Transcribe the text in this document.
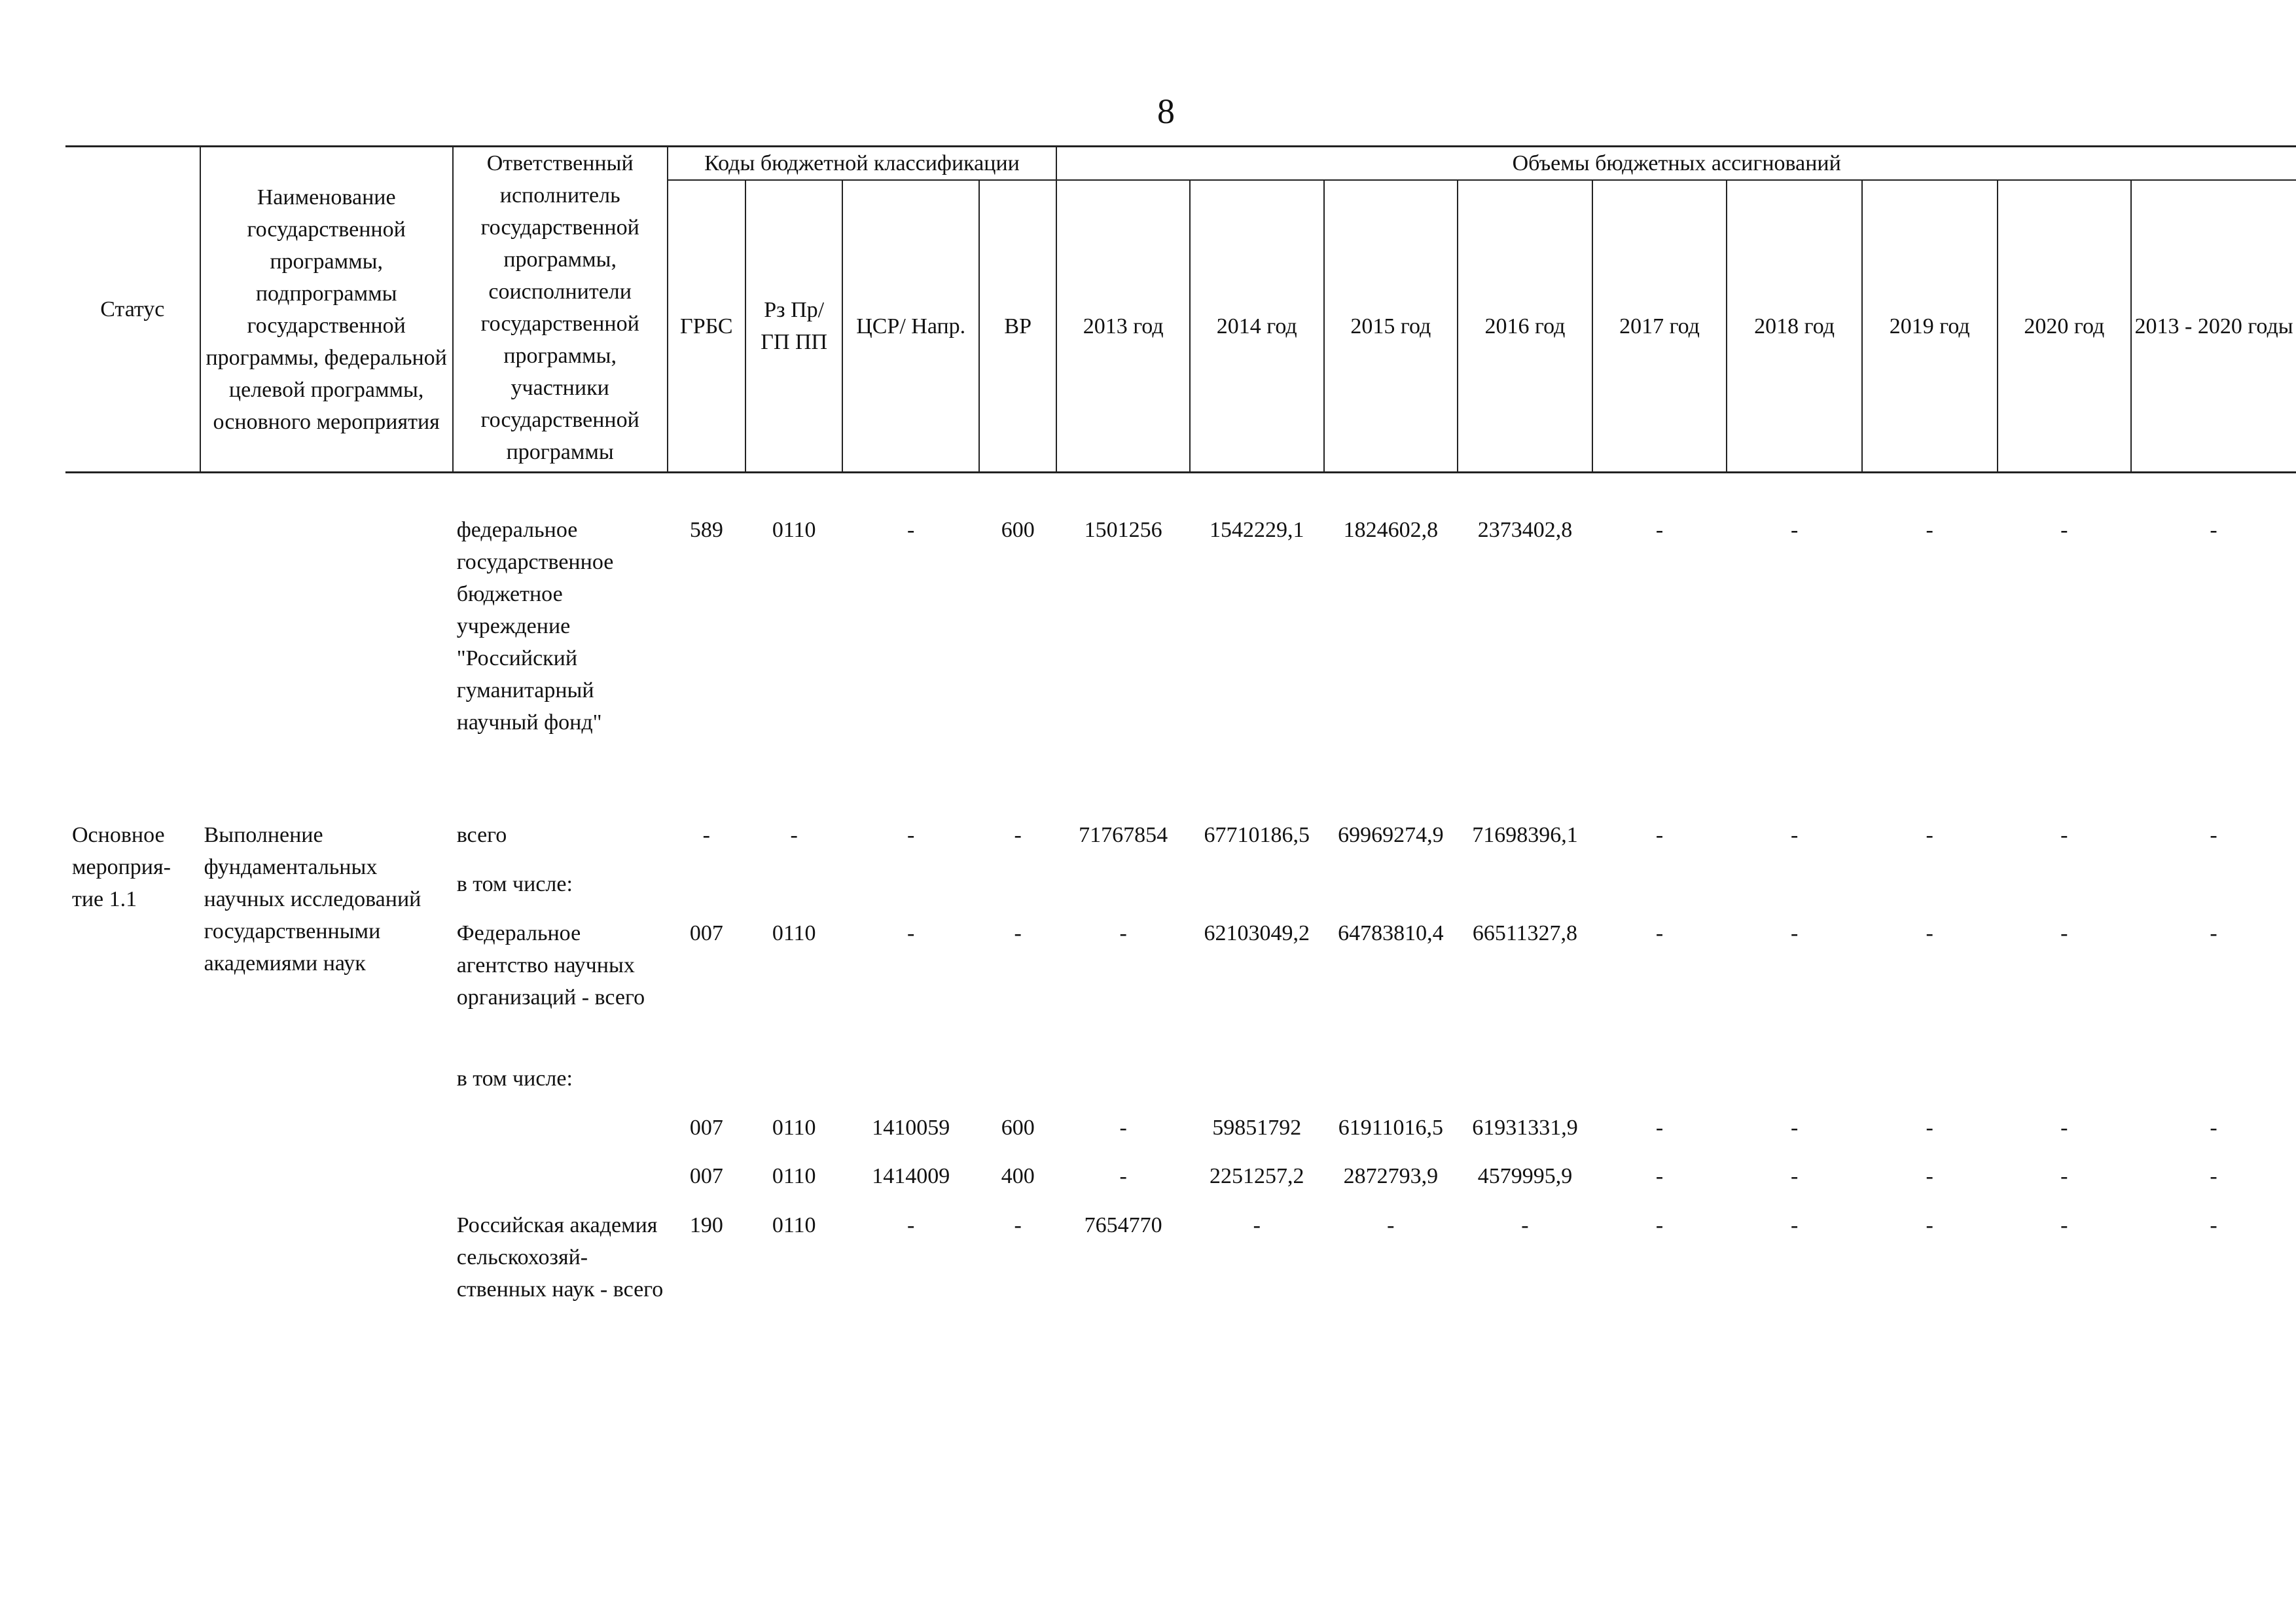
8
Статус	Наименование государственной программы, подпрограммы государственной программы, федеральной целевой программы, основного мероприятия	Ответственный исполнитель государственной программы, соисполнители государственной программы, участники государственной программы	Коды бюджетной классификации				Объемы бюджетных ассигнований								
			ГРБС	Рз Пр/ ГП ПП	ЦСР/ Напр.	ВР	2013 год	2014 год	2015 год	2016 год	2017 год	2018 год	2019 год	2020 год	2013 - 2020 годы

		федеральное государственное бюджетное учреждение "Российский гуманитарный научный фонд"	589	0110	-	600	1501256	1542229,1	1824602,8	2373402,8	-	-	-	-	-

Основное мероприя-тие 1.1	Выполнение фундаментальных научных исследований государственными академиями наук	всего	-	-	-	-	71767854	67710186,5	69969274,9	71698396,1	-	-	-	-	-
		в том числе:													
		Федеральное агентство научных организаций - всего	007	0110	-	-	-	62103049,2	64783810,4	66511327,8	-	-	-	-	-
		в том числе:													
			007	0110	1410059	600	-	59851792	61911016,5	61931331,9	-	-	-	-	-
			007	0110	1414009	400	-	2251257,2	2872793,9	4579995,9	-	-	-	-	-
		Российская академия сельскохозяй-ственных наук - всего	190	0110	-	-	7654770	-	-	-	-	-	-	-	-
